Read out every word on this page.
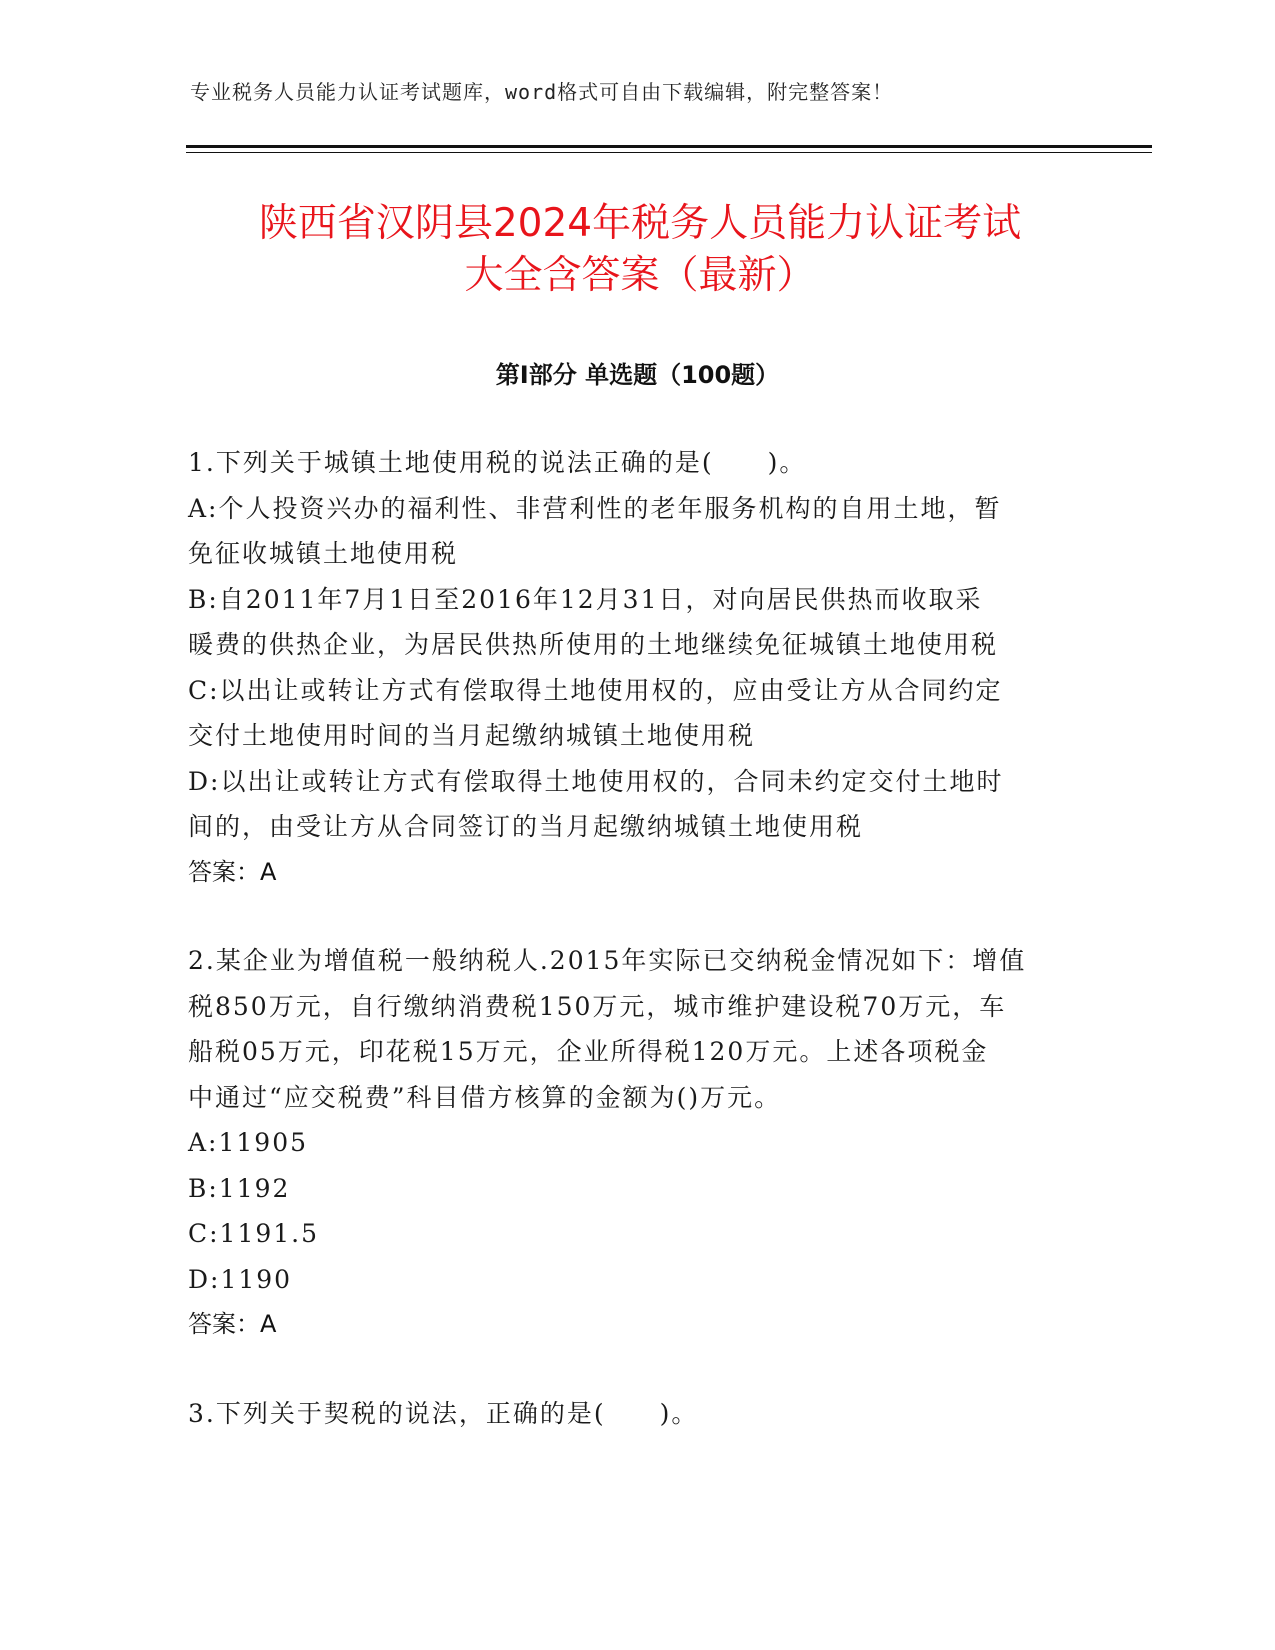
专业税务人员能力认证考试题库，word格式可自由下载编辑，附完整答案！
陕西省汉阴县2024年税务人员能力认证考试
大全含答案（最新）
第I部分 单选题（100题）
1.下列关于城镇土地使用税的说法正确的是(　　)。
A:个人投资兴办的福利性、非营利性的老年服务机构的自用土地，暂
免征收城镇土地使用税
B:自2011年7月1日至2016年12月31日，对向居民供热而收取采
暖费的供热企业，为居民供热所使用的土地继续免征城镇土地使用税
C:以出让或转让方式有偿取得土地使用权的，应由受让方从合同约定
交付土地使用时间的当月起缴纳城镇土地使用税
D:以出让或转让方式有偿取得土地使用权的，合同未约定交付土地时
间的，由受让方从合同签订的当月起缴纳城镇土地使用税
答案：A
2.某企业为增值税一般纳税人.2015年实际已交纳税金情况如下：增值
税850万元，自行缴纳消费税150万元，城市维护建设税70万元，车
船税05万元，印花税15万元，企业所得税120万元。上述各项税金
中通过“应交税费”科目借方核算的金额为()万元。
A:11905
B:1192
C:1191.5
D:1190
答案：A
3.下列关于契税的说法，正确的是(　　)。
